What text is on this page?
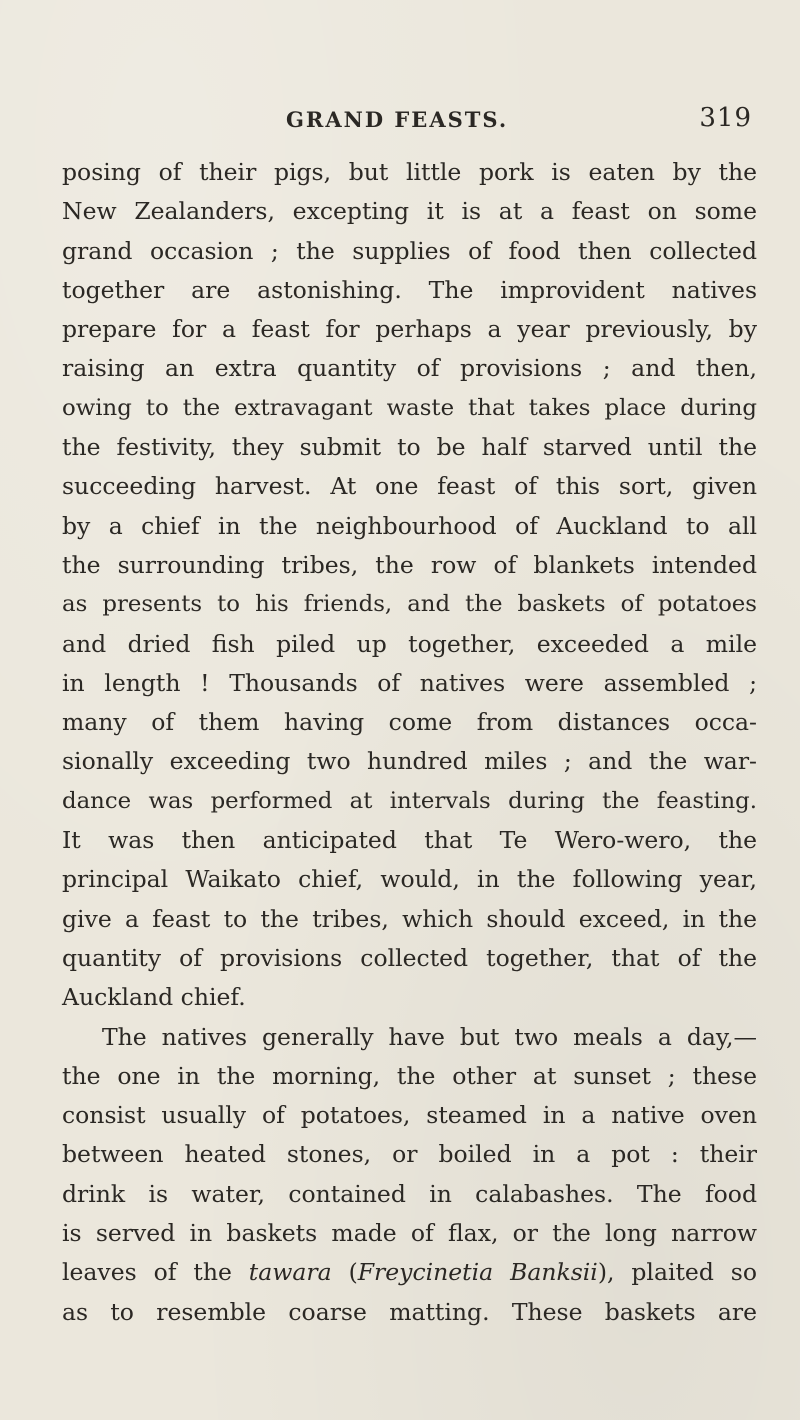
GRAND FEASTS.	319
posing of their pigs, but little pork is eaten by the
New Zealanders, excepting it is at a feast on some
grand occasion ; the supplies of food then collected
together are astonishing. The improvident natives
prepare for a feast for perhaps a year previously, by
raising an extra quantity of provisions ; and then,
owing to the extravagant waste that takes place during
the festivity, they submit to be half starved until the
succeeding harvest. At one feast of this sort, given
by a chief in the neighbourhood of Auckland to all
the surrounding tribes, the row of blankets intended
as presents to his friends, and the baskets of potatoes
and dried fish piled up together, exceeded a mile
in length ! Thousands of natives were assembled ;
many of them having come from distances occa-
sionally exceeding two hundred miles ; and the war-
dance was performed at intervals during the feasting.
It was then anticipated that Te Wero-wero, the
principal Waikato chief, would, in the following year,
give a feast to the tribes, which should exceed, in the
quantity of provisions collected together, that of the
Auckland chief.
The natives generally have but two meals a day,—
the one in the morning, the other at sunset ; these
consist usually of potatoes, steamed in a native oven
between heated stones, or boiled in a pot : their
drink is water, contained in calabashes. The food
is served in baskets made of flax, or the long narrow
leaves of the tawara (Freycinetia Banksii), plaited so
as to resemble coarse matting. These baskets are
